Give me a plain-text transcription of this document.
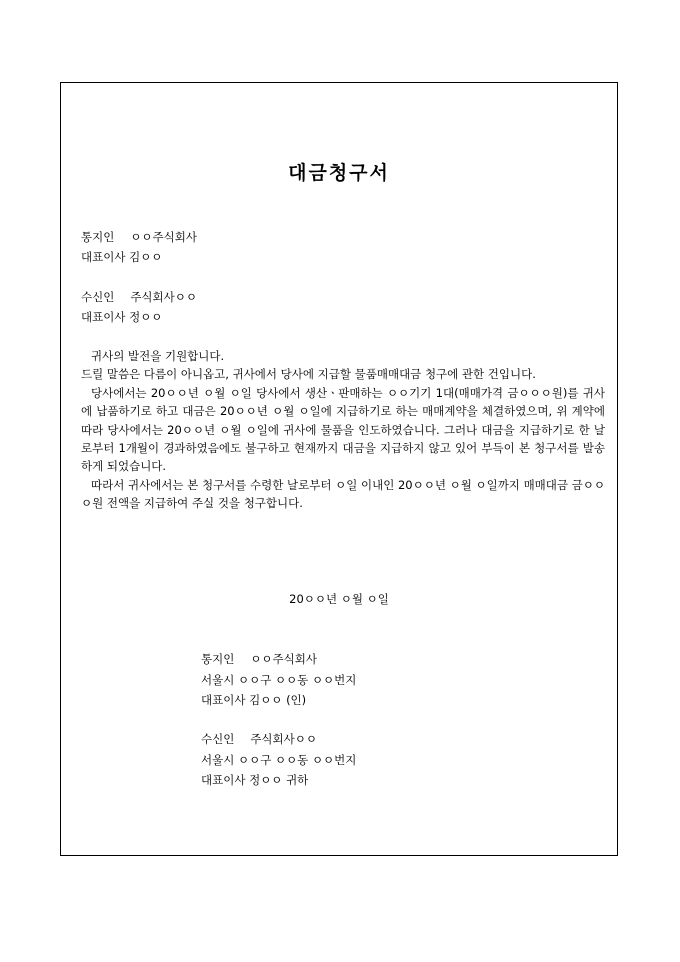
대금청구서
통지인 ㅇㅇ주식회사
대표이사 김ㅇㅇ
수신인 주식회사ㅇㅇ
대표이사 정ㅇㅇ

귀사의 발전을 기원합니다.

드릴 말씀은 다름이 아니옵고, 귀사에서 당사에 지급할 물품매매대금 청구에 관한 건입니다.

당사에서는 20ㅇㅇ년 ㅇ월 ㅇ일 당사에서 생산ㆍ판매하는 ㅇㅇ기기 1대(매매가격 금ㅇㅇㅇ원)를 귀사에 납품하기로 하고 대금은 20ㅇㅇ년 ㅇ월 ㅇ일에 지급하기로 하는 매매계약을 체결하였으며, 위 계약에 따라 당사에서는 20ㅇㅇ년 ㅇ월 ㅇ일에 귀사에 물품을 인도하였습니다. 그러나 대금을 지급하기로 한 날로부터 1개월이 경과하였음에도 불구하고 현재까지 대금을 지급하지 않고 있어 부득이 본 청구서를 발송하게 되었습니다.

따라서 귀사에서는 본 청구서를 수령한 날로부터 ㅇ일 이내인 20ㅇㅇ년 ㅇ월 ㅇ일까지 매매대금 금ㅇㅇㅇ원 전액을 지급하여 주실 것을 청구합니다.

20ㅇㅇ년 ㅇ월 ㅇ일
통지인 ㅇㅇ주식회사
서울시 ㅇㅇ구 ㅇㅇ동 ㅇㅇ번지
대표이사 김ㅇㅇ (인)
수신인 주식회사ㅇㅇ
서울시 ㅇㅇ구 ㅇㅇ동 ㅇㅇ번지
대표이사 정ㅇㅇ 귀하
